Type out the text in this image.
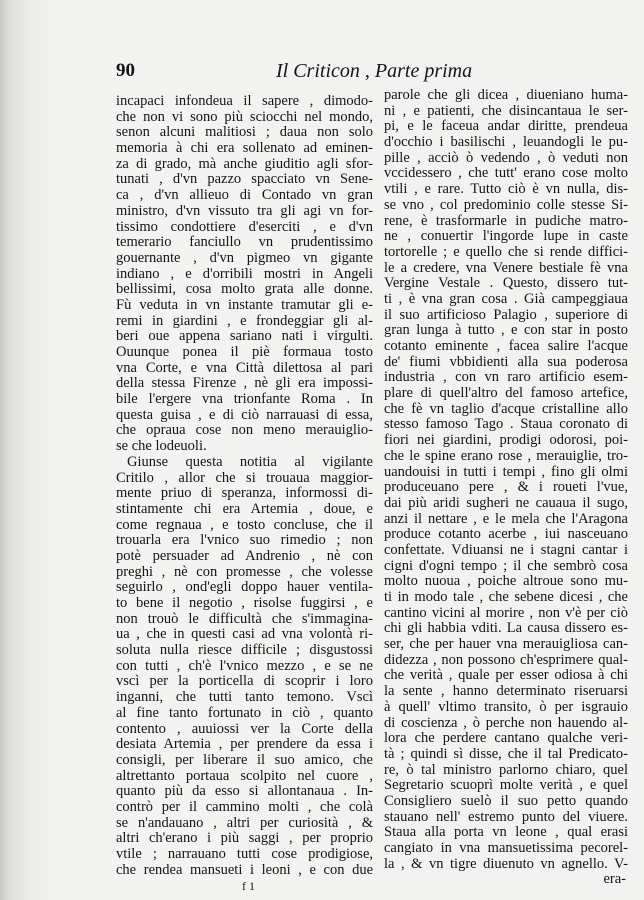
90	Il Criticon , Parte prima
incapaci infondeua il sapere , dimodo-
che non vi sono più sciocchi nel mondo,
senon alcuni malitiosi ; daua non solo
memoria à chi era sollenato ad eminen-
za di grado, mà anche giuditio agli sfor-
tunati , d'vn pazzo spacciato vn Sene-
ca , d'vn allieuo di Contado vn gran
ministro, d'vn vissuto tra gli agi vn for-
tissimo condottiere d'eserciti , e d'vn
temerario fanciullo vn prudentissimo
gouernante , d'vn pigmeo vn gigante
indiano , e d'orribili mostri in Angeli
bellissimi, cosa molto grata alle donne.
Fù veduta in vn instante tramutar gli e-
remi in giardini , e frondeggiar gli al-
beri oue appena sariano nati i virgulti.
Ouunque ponea il piè formaua tosto
vna Corte, e vna Città dilettosa al pari
della stessa Firenze , nè gli era impossi-
bile l'ergere vna trionfante Roma . In
questa guisa , e di ciò narrauasi di essa,
che opraua cose non meno merauiglio-
se che lodeuoli.
Giunse questa notitia al vigilante
Critilo , allor che si trouaua maggior-
mente priuo di speranza, informossi di-
stintamente chi era Artemia , doue, e
come regnaua , e tosto concluse, che il
trouarla era l'vnico suo rimedio ; non
potè persuader ad Andrenio , nè con
preghi , nè con promesse , che volesse
seguirlo , ond'egli doppo hauer ventila-
to bene il negotio , risolse fuggirsi , e
non trouò le difficultà che s'immagina-
ua , che in questi casi ad vna volontà ri-
soluta nulla riesce difficile ; disgustossi
con tutti , ch'è l'vnico mezzo , e se ne
vscì per la porticella di scoprir i loro
inganni, che tutti tanto temono. Vscì
al fine tanto fortunato in ciò , quanto
contento , auuiossi ver la Corte della
desiata Artemia , per prendere da essa i
consigli, per liberare il suo amico, che
altrettanto portaua scolpito nel cuore ,
quanto più da esso si allontanaua . In-
contrò per il cammino molti , che colà
se n'andauano , altri per curiosità , &
altri ch'erano i più saggi , per proprio
vtile ; narrauano tutti cose prodigiose,
che rendea mansueti i leoni , e con due
parole che gli dicea , diueniano huma-
ni , e patienti, che disincantaua le ser-
pi, e le faceua andar diritte, prendeua
d'occhio i basilischi , leuandogli le pu-
pille , acciò ò vedendo , ò veduti non
vccidessero , che tutt' erano cose molto
vtili , e rare. Tutto ciò è vn nulla, dis-
se vno , col predominio colle stesse Si-
rene, è trasformarle in pudiche matro-
ne , conuertir l'ingorde lupe in caste
tortorelle ; e quello che si rende diffici-
le a credere, vna Venere bestiale fè vna
Vergine Vestale . Questo, dissero tut-
ti , è vna gran cosa . Già campeggiaua
il suo artificioso Palagio , superiore di
gran lunga à tutto , e con star in posto
cotanto eminente , facea salire l'acque
de' fiumi vbbidienti alla sua poderosa
industria , con vn raro artificio esem-
plare di quell'altro del famoso artefice,
che fè vn taglio d'acque cristalline allo
stesso famoso Tago . Staua coronato di
fiori nei giardini, prodigi odorosi, poi-
che le spine erano rose , merauiglie, tro-
uandouisi in tutti i tempi , fino gli olmi
produceuano pere , & i roueti l'vue,
dai più aridi sugheri ne cauaua il sugo,
anzi il nettare , e le mela che l'Aragona
produce cotanto acerbe , iui nasceuano
confettate. Vdiuansi ne i stagni cantar i
cigni d'ogni tempo ; il che sembrò cosa
molto nuoua , poiche altroue sono mu-
ti in modo tale , che sebene dicesi , che
cantino vicini al morire , non v'è per ciò
chi gli habbia vditi. La causa dissero es-
ser, che per hauer vna merauigliosa can-
didezza , non possono ch'esprimere qual-
che verità , quale per esser odiosa à chi
la sente , hanno determinato riseruarsi
à quell' vltimo transito, ò per isgrauio
di coscienza , ò perche non hauendo al-
lora che perdere cantano qualche veri-
tà ; quindi sì disse, che il tal Predicato-
re, ò tal ministro parlorno chiaro, quel
Segretario scuoprì molte verità , e quel
Consigliero suelò il suo petto quando
stauano nell' estremo punto del viuere.
Staua alla porta vn leone , qual erasi
cangiato in vna mansuetissima pecorel-
la , & vn tigre diuenuto vn agnello. V-
era-
f 1
